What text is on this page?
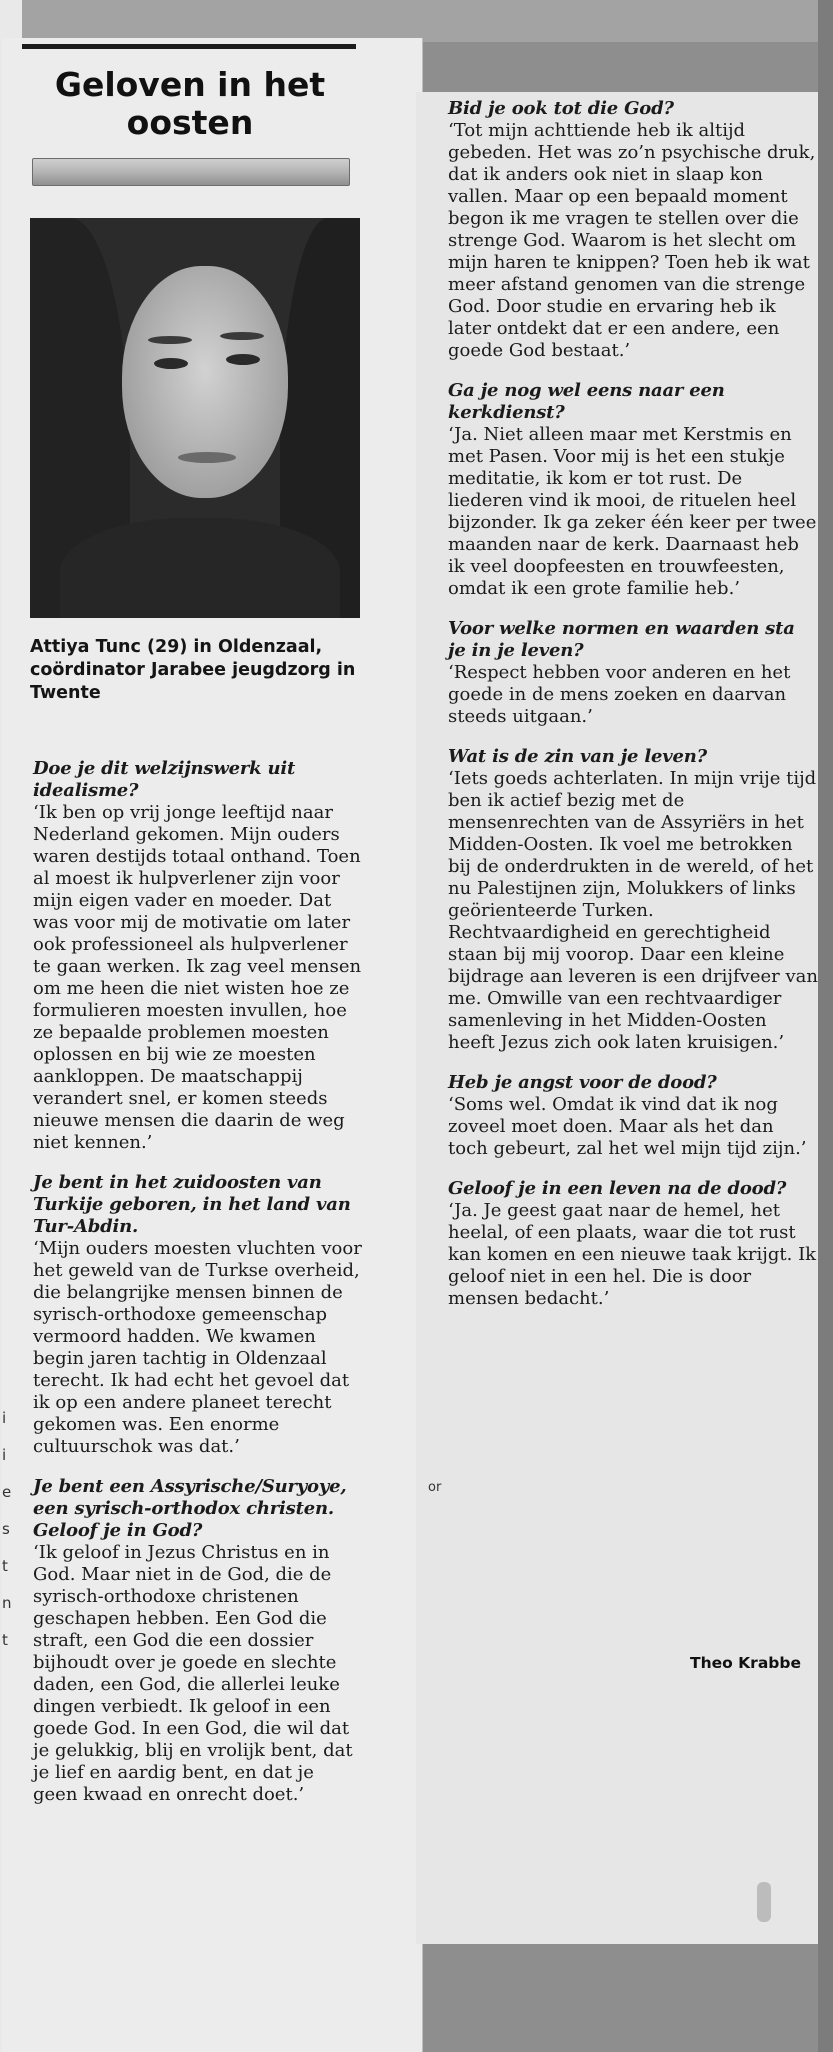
Geloven in het oosten
Attiya Tunc (29) in Oldenzaal, coördinator Jarabee jeugdzorg in Twente

Doe je dit welzijnswerk uit idealisme?

‘Ik ben op vrij jonge leeftijd naar Nederland gekomen. Mijn ouders waren destijds totaal onthand. Toen al moest ik hulpverlener zijn voor mijn eigen vader en moeder. Dat was voor mij de motivatie om later ook professioneel als hulpverlener te gaan werken. Ik zag veel mensen om me heen die niet wisten hoe ze formulieren moesten invullen, hoe ze bepaalde problemen moesten oplossen en bij wie ze moesten aankloppen. De maatschappij verandert snel, er komen steeds nieuwe mensen die daarin de weg niet kennen.’

Je bent in het zuidoosten van Turkije geboren, in het land van Tur-Abdin.

‘Mijn ouders moesten vluchten voor het geweld van de Turkse overheid, die belangrijke mensen binnen de syrisch-orthodoxe gemeenschap vermoord hadden. We kwamen begin jaren tachtig in Oldenzaal terecht. Ik had echt het gevoel dat ik op een andere planeet terecht gekomen was. Een enorme cultuurschok was dat.’

Je bent een Assyrische/Suryoye, een syrisch-orthodox christen. Geloof je in God?

‘Ik geloof in Jezus Christus en in God. Maar niet in de God, die de syrisch-orthodoxe christenen geschapen hebben. Een God die straft, een God die een dossier bijhoudt over je goede en slechte daden, een God, die allerlei leuke dingen verbiedt. Ik geloof in een goede God. In een God, die wil dat je gelukkig, blij en vrolijk bent, dat je lief en aardig bent, en dat je geen kwaad en onrecht doet.’

Bid je ook tot die God?

‘Tot mijn achttiende heb ik altijd gebeden. Het was zo’n psychische druk, dat ik anders ook niet in slaap kon vallen. Maar op een bepaald moment begon ik me vragen te stellen over die strenge God. Waarom is het slecht om mijn haren te knippen? Toen heb ik wat meer afstand genomen van die strenge God. Door studie en ervaring heb ik later ontdekt dat er een andere, een goede God bestaat.’

Ga je nog wel eens naar een kerkdienst?

‘Ja. Niet alleen maar met Kerstmis en met Pasen. Voor mij is het een stukje meditatie, ik kom er tot rust. De liederen vind ik mooi, de rituelen heel bijzonder. Ik ga zeker één keer per twee maanden naar de kerk. Daarnaast heb ik veel doopfeesten en trouwfeesten, omdat ik een grote familie heb.’

Voor welke normen en waarden sta je in je leven?

‘Respect hebben voor anderen en het goede in de mens zoeken en daarvan steeds uitgaan.’

Wat is de zin van je leven?

‘Iets goeds achterlaten. In mijn vrije tijd ben ik actief bezig met de mensenrechten van de Assyriërs in het Midden-Oosten. Ik voel me betrokken bij de onderdrukten in de wereld, of het nu Palestijnen zijn, Molukkers of links geörienteerde Turken. Rechtvaardigheid en gerechtigheid staan bij mij voorop. Daar een kleine bijdrage aan leveren is een drijfveer van me. Omwille van een rechtvaardiger samenleving in het Midden-Oosten heeft Jezus zich ook laten kruisigen.’

Heb je angst voor de dood?

‘Soms wel. Omdat ik vind dat ik nog zoveel moet doen. Maar als het dan toch gebeurt, zal het wel mijn tijd zijn.’

Geloof je in een leven na de dood?

‘Ja. Je geest gaat naar de hemel, het heelal, of een plaats, waar die tot rust kan komen en een nieuwe taak krijgt. Ik geloof niet in een hel. Die is door mensen bedacht.’

Theo Krabbe
i
i
e
s
t
n
t
or
